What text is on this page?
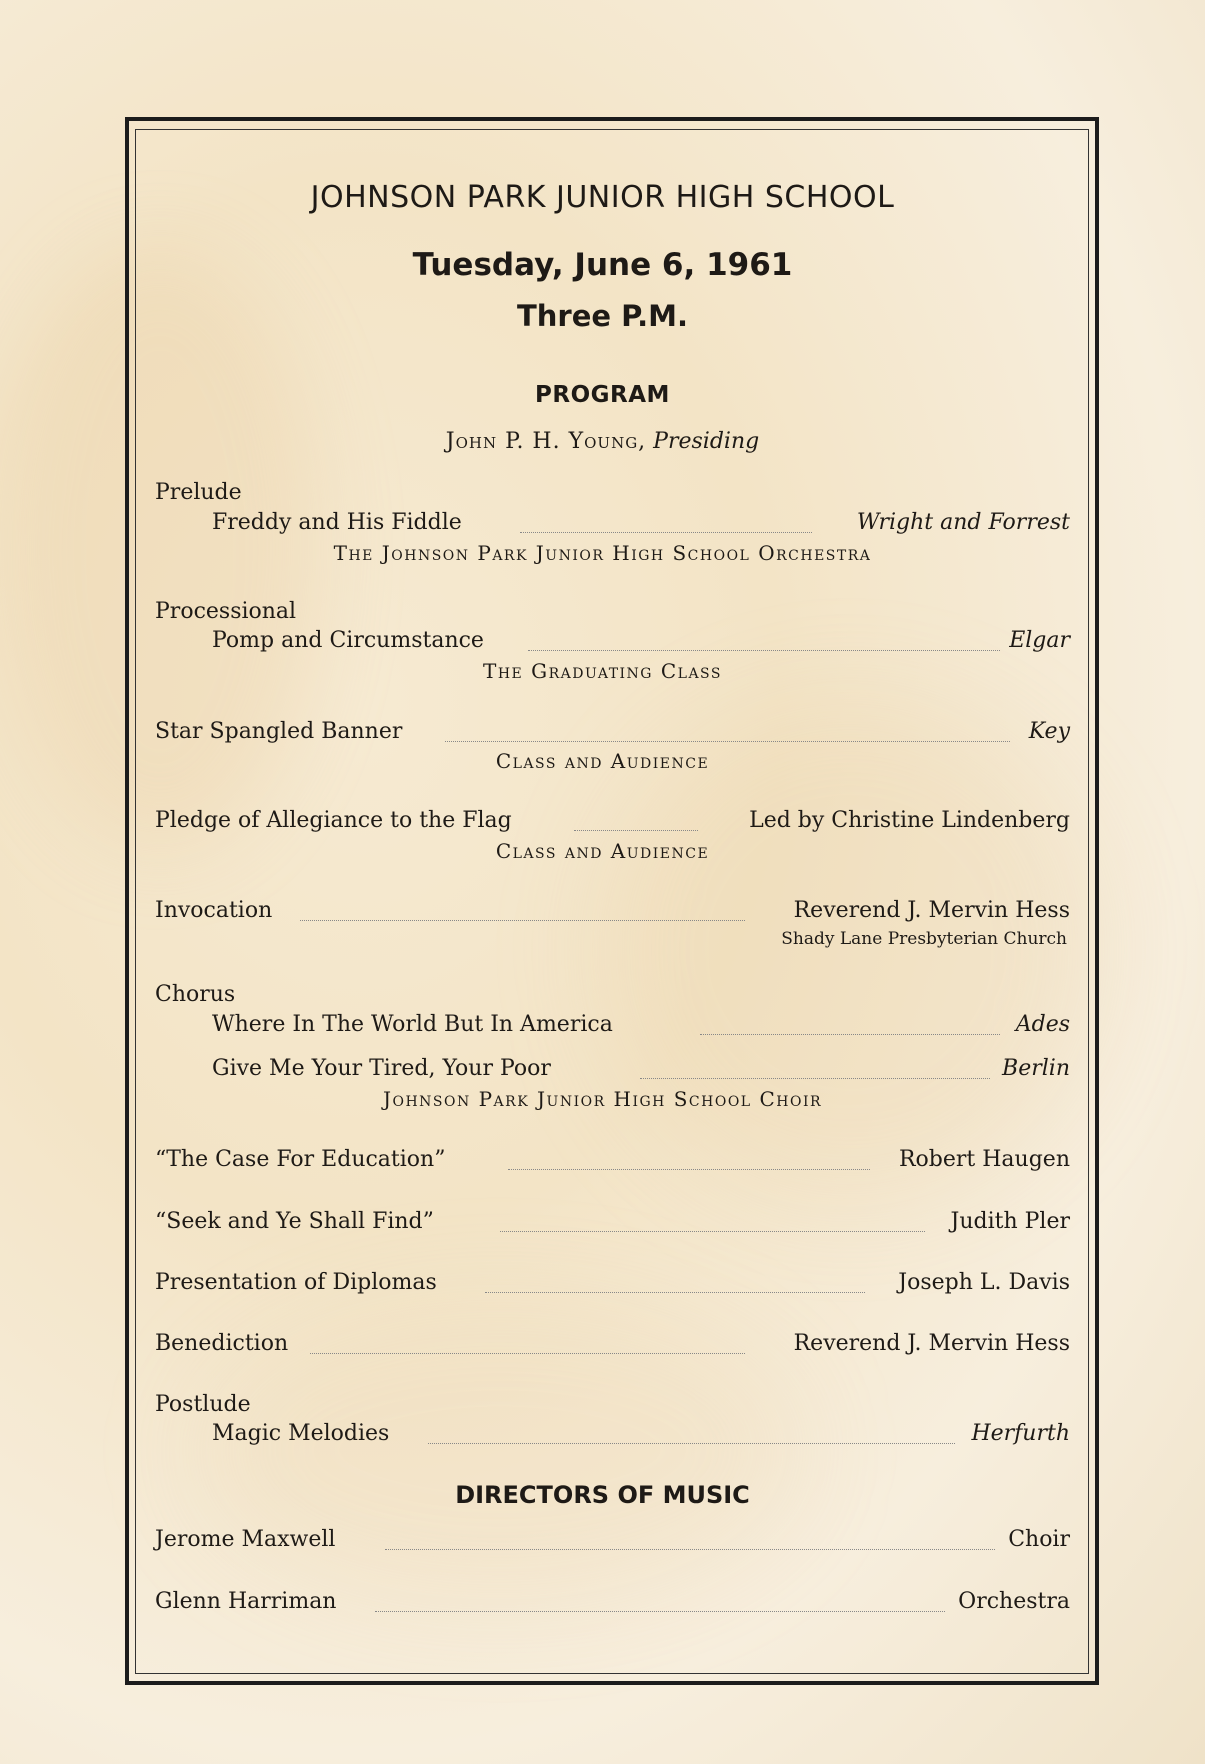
JOHNSON PARK JUNIOR HIGH SCHOOL
Tuesday, June 6, 1961
Three P.M.
PROGRAM
John P. H. Young, Presiding
Prelude
Freddy and His Fiddle	Wright and Forrest
The Johnson Park Junior High School Orchestra
Processional
Pomp and Circumstance	Elgar
The Graduating Class
Star Spangled Banner	Key
Class and Audience
Pledge of Allegiance to the Flag	Led by Christine Lindenberg
Class and Audience
Invocation	Reverend J. Mervin Hess
Shady Lane Presbyterian Church
Chorus
Where In The World But In America	Ades
Give Me Your Tired, Your Poor	Berlin
Johnson Park Junior High School Choir
“The Case For Education”	Robert Haugen
“Seek and Ye Shall Find”	Judith Pler
Presentation of Diplomas	Joseph L. Davis
Benediction	Reverend J. Mervin Hess
Postlude
Magic Melodies	Herfurth
DIRECTORS OF MUSIC
Jerome Maxwell	Choir
Glenn Harriman	Orchestra
